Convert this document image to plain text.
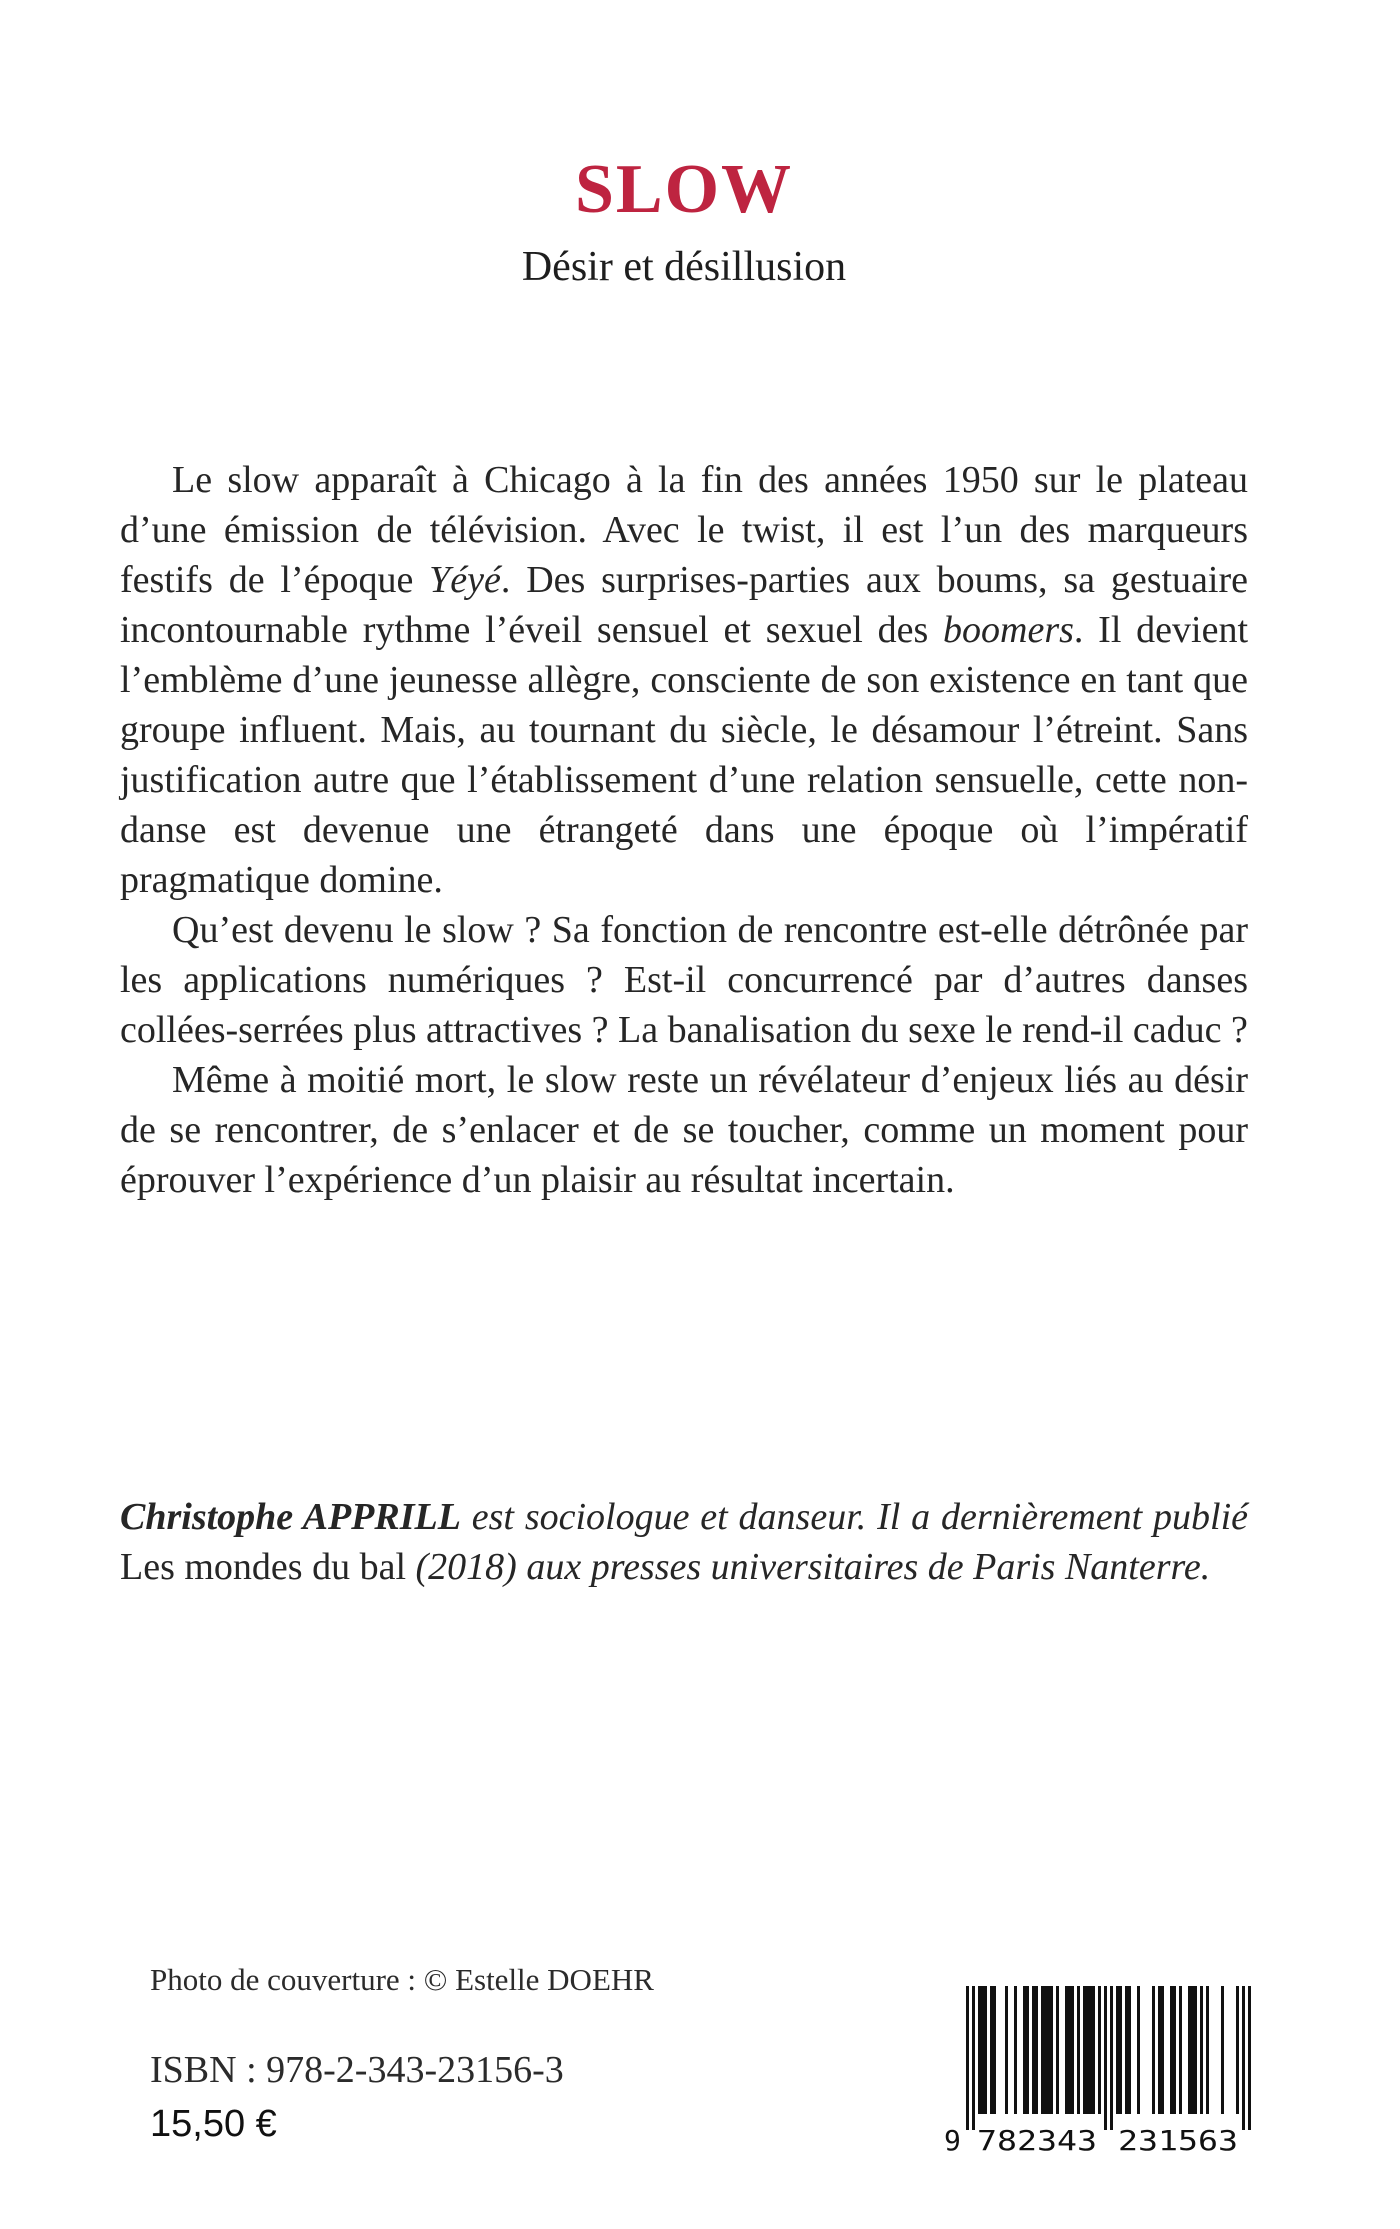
SLOW
Désir et désillusion

Le slow apparaît à Chicago à la fin des années 1950 sur le plateau d’une émission de télévision. Avec le twist, il est l’un des marqueurs festifs de l’époque Yéyé. Des surprises-parties aux boums, sa gestuaire incontournable rythme l’éveil sensuel et sexuel des boomers. Il devient l’emblème d’une jeunesse allègre, consciente de son existence en tant que groupe influent. Mais, au tournant du siècle, le désamour l’étreint. Sans justification autre que l’établissement d’une relation sensuelle, cette non-danse est devenue une étrangeté dans une époque où l’impératif pragmatique domine.

Qu’est devenu le slow ? Sa fonction de rencontre est-elle détrônée par les applications numériques ? Est-il concurrencé par d’autres danses collées-serrées plus attractives ? La banalisation du sexe le rend-il caduc ?

Même à moitié mort, le slow reste un révélateur d’enjeux liés au désir de se rencontrer, de s’enlacer et de se toucher, comme un moment pour éprouver l’expérience d’un plaisir au résultat incertain.

Christophe APPRILL est sociologue et danseur. Il a dernièrement publié Les mondes du bal (2018) aux presses universitaires de Paris Nanterre.

Photo de couverture : © Estelle DOEHR

ISBN : 978-2-343-23156-3

15,50 €	9 782343 231563
